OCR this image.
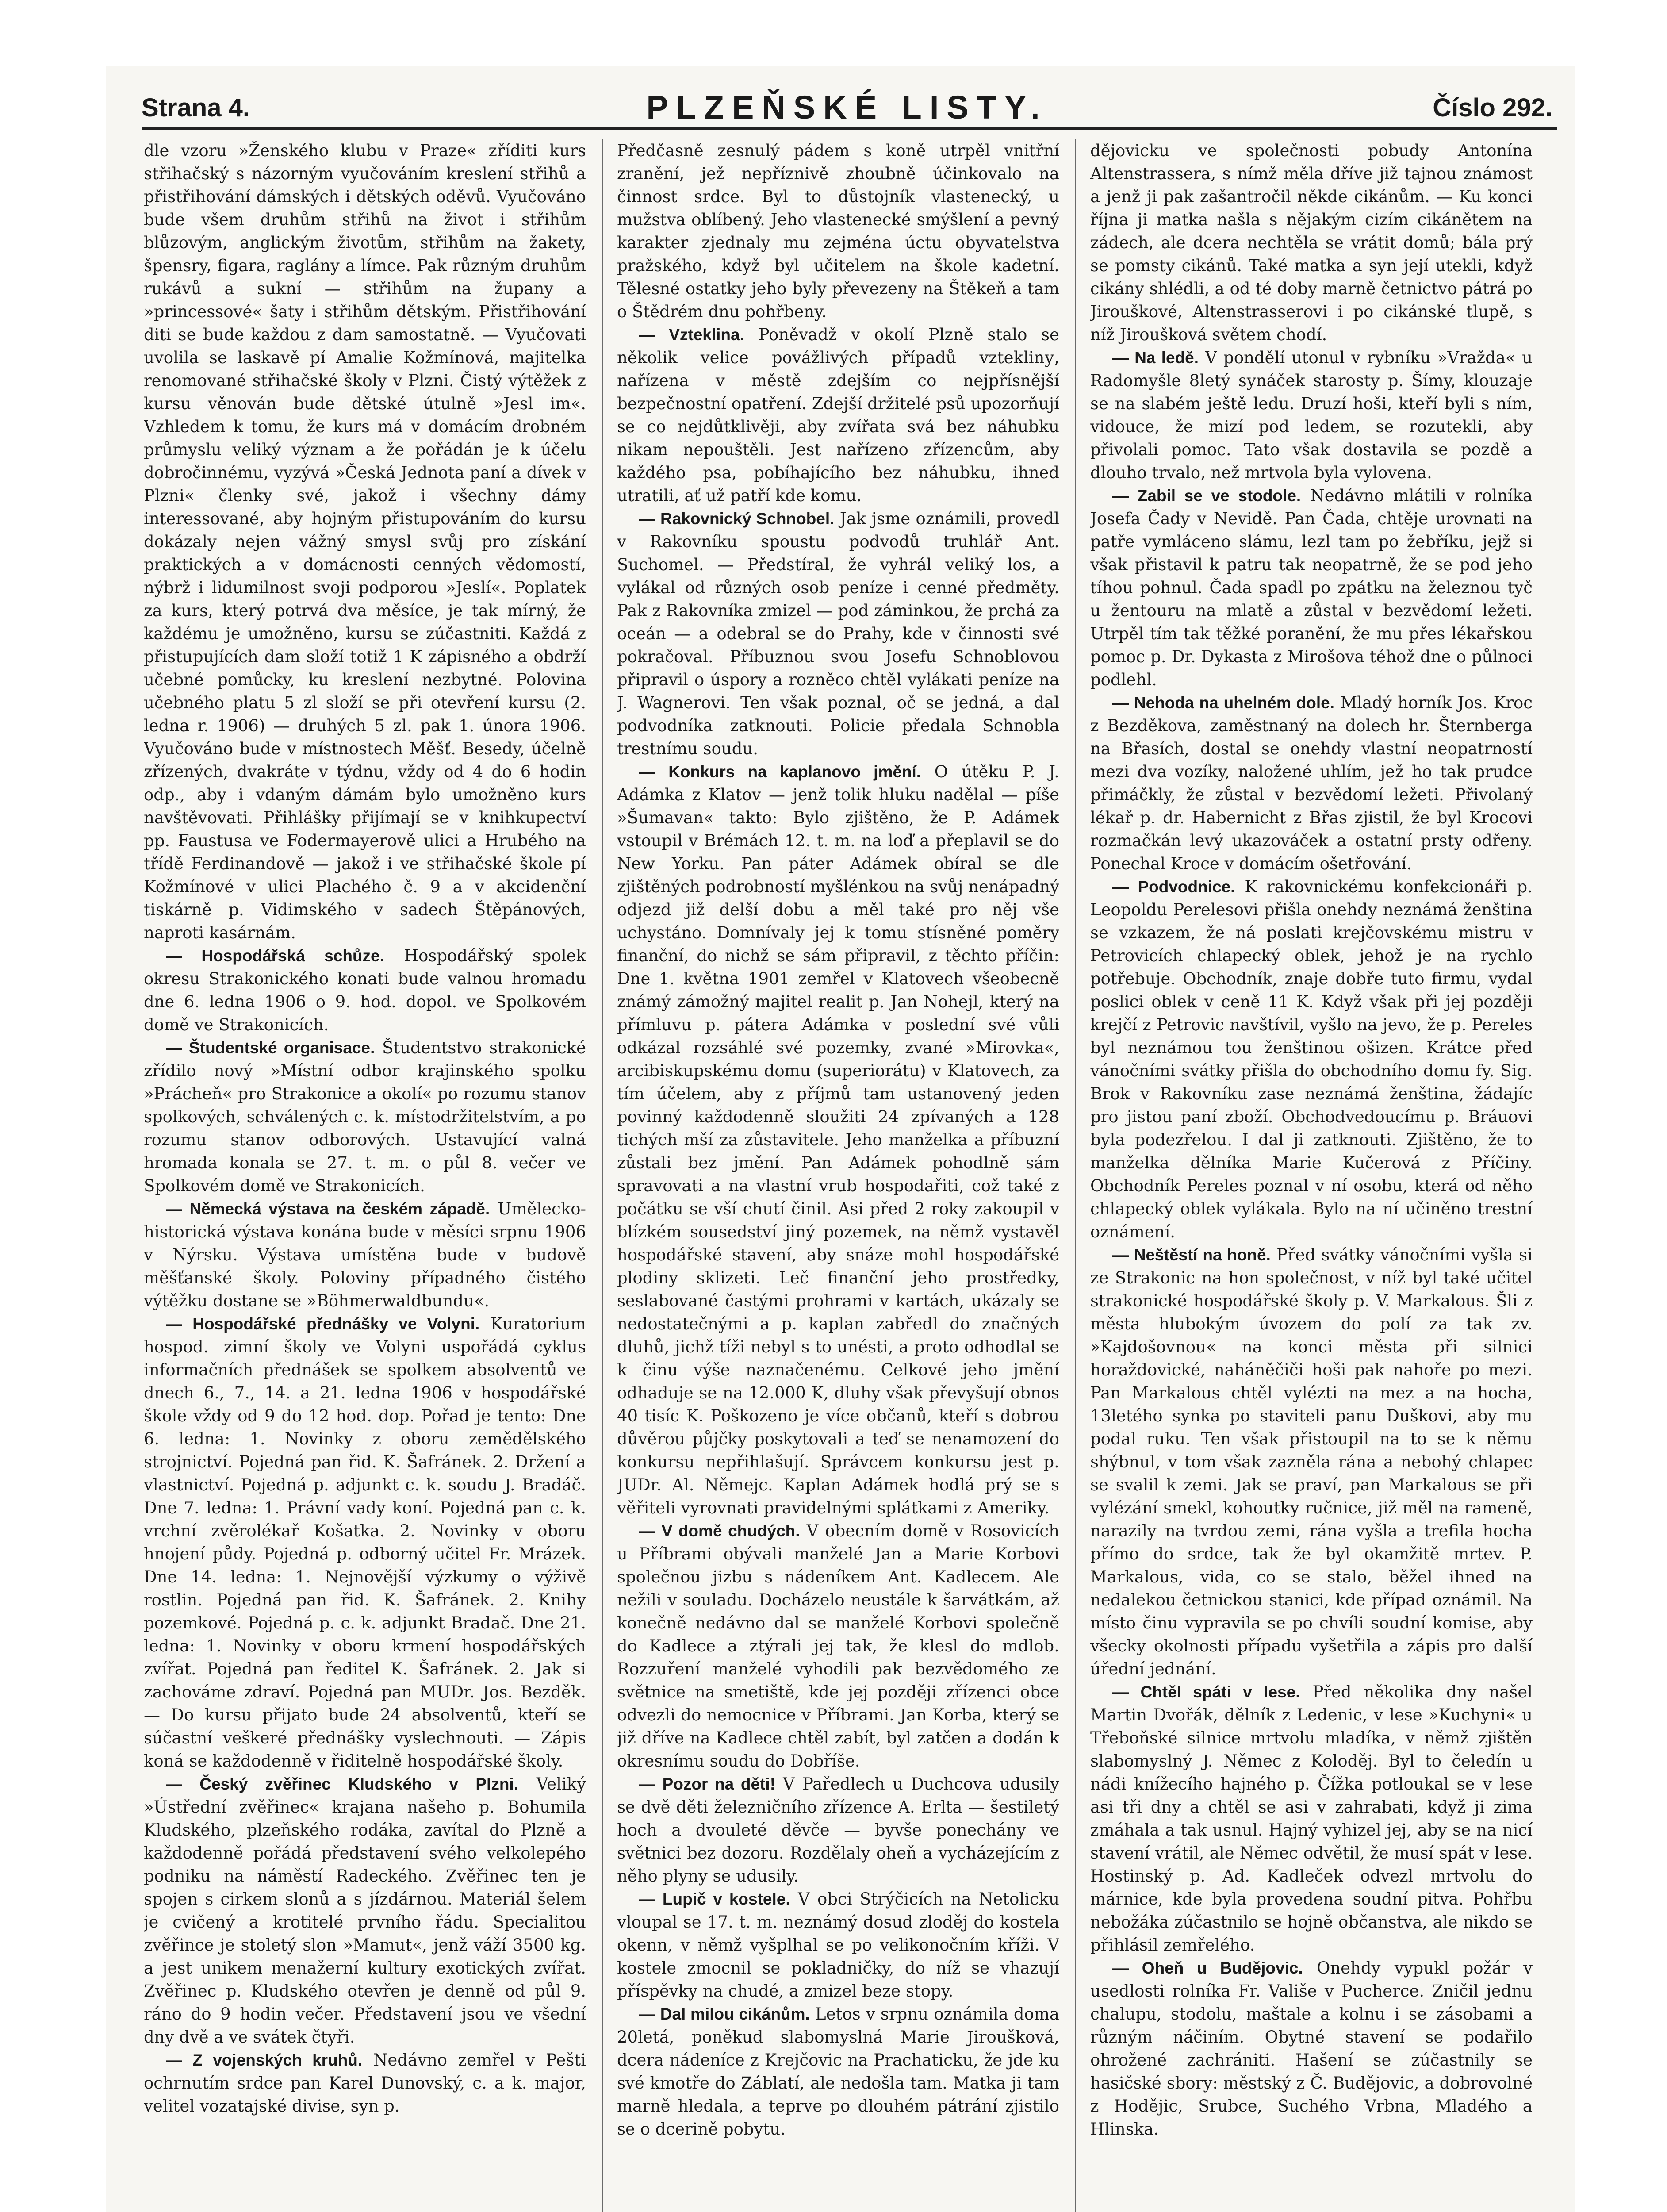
Strana 4.	PLZEŇSKÉ LISTY.	Číslo 292.

dle vzoru »Ženského klubu v Praze« zříditi kurs střihačský s názorným vyučováním kreslení střihů a přistřihování dámských i dětských oděvů. Vyučováno bude všem druhům střihů na život i střihům blůzovým, anglickým životům, střihům na žakety, špensry, figara, raglány a límce. Pak různým druhům rukávů a sukní — střihům na župany a »princessové« šaty i střihům dětským. Přistřihování diti se bude každou z dam samostatně. — Vyučovati uvolila se laskavě pí Amalie Kožmínová, majitelka renomované střihačské školy v Plzni. Čistý výtěžek z kursu věnován bude dětské útulně »Jesl im«. Vzhledem k tomu, že kurs má v domácím drobném průmyslu veliký význam a že pořádán je k účelu dobročinnému, vyzývá »Česká Jednota paní a dívek v Plzni« členky své, jakož i všechny dámy interessované, aby hojným přistupováním do kursu dokázaly nejen vážný smysl svůj pro získání praktických a v domácnosti cenných vědomostí, nýbrž i lidumilnost svoji podporou »Jeslí«. Poplatek za kurs, který potrvá dva měsíce, je tak mírný, že každému je umožněno, kursu se zúčastniti. Každá z přistupujících dam složí totiž 1 K zápisného a obdrží učebné pomůcky, ku kreslení nezbytné. Polovina učebného platu 5 zl složí se při otevření kursu (2. ledna r. 1906) — druhých 5 zl. pak 1. února 1906. Vyučováno bude v místnostech Měšť. Besedy, účelně zřízených, dvakráte v týdnu, vždy od 4 do 6 hodin odp., aby i vdaným dámám bylo umožněno kurs navštěvovati. Přihlášky přijímají se v knihkupectví pp. Faustusa ve Fodermayerově ulici a Hrubého na třídě Ferdinandově — jakož i ve střihačské škole pí Kožmínové v ulici Plachého č. 9 a v akcidenční tiskárně p. Vidimského v sadech Štěpánových, naproti kasárnám.

— Hospodářská schůze. Hospodářský spolek okresu Strakonického konati bude valnou hromadu dne 6. ledna 1906 o 9. hod. dopol. ve Spolkovém domě ve Strakonicích.

— Študentské organisace. Študentstvo strakonické zřídilo nový »Místní odbor krajinského spolku »Prácheň« pro Strakonice a okolí« po rozumu stanov spolkových, schválených c. k. místodržitelstvím, a po rozumu stanov odborových. Ustavující valná hromada konala se 27. t. m. o půl 8. večer ve Spolkovém domě ve Strakonicích.

— Německá výstava na českém západě. Umělecko-historická výstava konána bude v měsíci srpnu 1906 v Nýrsku. Výstava umístěna bude v budově měšťanské školy. Poloviny případného čistého výtěžku dostane se »Böhmerwaldbundu«.

— Hospodářské přednášky ve Volyni. Kuratorium hospod. zimní školy ve Volyni uspořádá cyklus informačních přednášek se spolkem absolventů ve dnech 6., 7., 14. a 21. ledna 1906 v hospodářské škole vždy od 9 do 12 hod. dop. Pořad je tento: Dne 6. ledna: 1. Novinky z oboru zemědělského strojnictví. Pojedná pan řid. K. Šafránek. 2. Držení a vlastnictví. Pojedná p. adjunkt c. k. soudu J. Bradáč. Dne 7. ledna: 1. Právní vady koní. Pojedná pan c. k. vrchní zvěrolékař Košatka. 2. Novinky v oboru hnojení půdy. Pojedná p. odborný učitel Fr. Mrázek. Dne 14. ledna: 1. Nejnovější výzkumy o výživě rostlin. Pojedná pan řid. K. Šafránek. 2. Knihy pozemkové. Pojedná p. c. k. adjunkt Bradač. Dne 21. ledna: 1. Novinky v oboru krmení hospodářských zvířat. Pojedná pan ředitel K. Šafránek. 2. Jak si zachováme zdraví. Pojedná pan MUDr. Jos. Bezděk. — Do kursu přijato bude 24 absolventů, kteří se súčastní veškeré přednášky vyslechnouti. — Zápis koná se každodenně v řiditelně hospodářské školy.

— Český zvěřinec Kludského v Plzni. Veliký »Ústřední zvěřinec« krajana našeho p. Bohumila Kludského, plzeňského rodáka, zavítal do Plzně a každodenně pořádá představení svého velkolepého podniku na náměstí Radeckého. Zvěřinec ten je spojen s cirkem slonů a s jízdárnou. Materiál šelem je cvičený a krotitelé prvního řádu. Specialitou zvěřince je stoletý slon »Mamut«, jenž váží 3500 kg. a jest unikem menažerní kultury exotických zvířat. Zvěřinec p. Kludského otevřen je denně od půl 9. ráno do 9 hodin večer. Představení jsou ve všední dny dvě a ve svátek čtyři.

— Z vojenských kruhů. Nedávno zemřel v Pešti ochrnutím srdce pan Karel Dunovský, c. a k. major, velitel vozatajské divise, syn p.

Předčasně zesnulý pádem s koně utrpěl vnitřní zranění, jež nepříznivě zhoubně účinkovalo na činnost srdce. Byl to důstojník vlastenecký, u mužstva oblíbený. Jeho vlastenecké smýšlení a pevný karakter zjednaly mu zejména úctu obyvatelstva pražského, když byl učitelem na škole kadetní. Tělesné ostatky jeho byly převezeny na Štěkeň a tam o Štědrém dnu pohřbeny.

— Vzteklina. Poněvadž v okolí Plzně stalo se několik velice povážlivých případů vzteklinу, nařízena v městě zdejším co nejpřísnější bezpečnostní opatření. Zdejší držitelé psů upozorňují se co nejdůtklivěji, aby zvířata svá bez náhubku nikam nepouštěli. Jest nařízeno zřízencům, aby každého psa, pobíhajícího bez náhubku, ihned utratili, ať už patří kde komu.

— Rakovnický Schnobel. Jak jsme oznámili, provedl v Rakovníku spoustu podvodů truhlář Ant. Suchomel. — Předstíral, že vyhrál veliký los, a vylákal od různých osob peníze i cenné předměty. Pak z Rakovníka zmizel — pod záminkou, že prchá za oceán — a odebral se do Prahy, kde v činnosti své pokračoval. Příbuznou svou Josefu Schnoblovou připravil o úspory a rozněco chtěl vylákati peníze na J. Wagnerovi. Ten však poznal, oč se jedná, a dal podvodníka zatknouti. Policie předala Schnobla trestnímu soudu.

— Konkurs na kaplanovo jmění. O útěku P. J. Adámka z Klatov — jenž tolik hluku nadělal — píše »Šumavan« takto: Bylo zjištěno, že P. Adámek vstoupil v Brémách 12. t. m. na loď a přeplavil se do New Yorku. Pan páter Adámek obíral se dle zjištěných podrobností myšlénkou na svůj nenápadný odjezd již delší dobu a měl také pro něj vše uchystáno. Domnívaly jej k tomu stísněné poměry finanční, do nichž se sám připravil, z těchto příčin: Dne 1. května 1901 zemřel v Klatovech všeobecně známý zámožný majitel realit p. Jan Nohejl, který na přímluvu p. pátera Adámka v poslední své vůli odkázal rozsáhlé své pozemky, zvané »Mirovka«, arcibiskupskému domu (superiorátu) v Klatovech, za tím účelem, aby z příjmů tam ustanovený jeden povinný každodenně sloužiti 24 zpívaných a 128 tichých mší za zůstavitele. Jeho manželka a příbuzní zůstali bez jmění. Pan Adámek pohodlně sám spravovati a na vlastní vrub hospodařiti, což také z počátku se vší chutí činil. Asi před 2 roky zakoupil v blízkém sousedství jiný pozemek, na němž vystavěl hospodářské stavení, aby snáze mohl hospodářské plodiny sklizeti. Leč finanční jeho prostředky, seslabované častými prohrami v kartách, ukázaly se nedostatečnými a p. kaplan zabředl do značných dluhů, jichž tíži nebyl s to unésti, a proto odhodlal se k činu výše naznačenému. Celkové jeho jmění odhaduje se na 12.000 K, dluhy však převyšují obnos 40 tisíc K. Poškozeno je více občanů, kteří s dobrou důvěrou půjčky poskytovali a teď se nenamození do konkursu nepřihlašují. Správcem konkursu jest p. JUDr. Al. Němejc. Kaplan Adámek hodlá prý se s věřiteli vyrovnati pravidelnými splátkami z Ameriky.

— V domě chudých. V obecním domě v Rosovicích u Příbrami obývali manželé Jan a Marie Korbovi společnou jizbu s nádeníkem Ant. Kadlecem. Ale nežili v souladu. Docházelo neustále k šarvátkám, až konečně nedávno dal se manželé Korbovi společně do Kadlece a ztýrali jej tak, že klesl do mdlob. Rozzuření manželé vyhodili pak bezvědomého ze světnice na smetiště, kde jej později zřízenci obce odvezli do nemocnice v Příbrami. Jan Korba, který se již dříve na Kadlece chtěl zabít, byl zatčen a dodán k okresnímu soudu do Dobříše.

— Pozor na děti! V Paředlech u Duchcova udusily se dvě děti železničního zřízence A. Erlta — šestiletý hoch a dvouleté děvče — byvše ponechány ve světnici bez dozoru. Rozdělaly oheň a vycházejícím z něho plyny se udusily.

— Lupič v kostele. V obci Strýčicích na Netolicku vloupal se 17. t. m. neznámý dosud zloděj do kostela okenn, v němž vyšplhal se po velikonočním kříži. V kostele zmocnil se pokladničky, do níž se vhazují příspěvky na chudé, a zmizel beze stopy.

— Dal milou cikánům. Letos v srpnu oznámila doma 20letá, poněkud slabomyslná Marie Jiroušková, dcera nádeníce z Krejčovic na Prachaticku, že jde ku své kmotře do Záblatí, ale nedošla tam. Matka ji tam marně hledala, a teprve po dlouhém pátrání zjistilo se o dcerině pobytu.

dějovicku ve společnosti pobudy Antonína Altenstrassera, s nímž měla dříve již tajnou známost a jenž ji pak zašantročil někde cikánům. — Ku konci října ji matka našla s nějakým cizím cikánětem na zádech, ale dcera nechtěla se vrátit domů; bála prý se pomsty cikánů. Také matka a syn její utekli, když cikány shlédli, a od té doby marně četnictvo pátrá po Jirouškové, Altenstrasserovi i po cikánské tlupě, s níž Jiroušková světem chodí.

— Na ledě. V pondělí utonul v rybníku »Vražda« u Radomyšle 8letý synáček starosty p. Šímy, klouzaje se na slabém ještě ledu. Druzí hoši, kteří byli s ním, vidouce, že mizí pod ledem, se rozutekli, aby přivolali pomoc. Tato však dostavila se pozdě a dlouho trvalo, než mrtvola byla vylovena.

— Zabil se ve stodole. Nedávno mlátili v rolníka Josefa Čady v Nevidě. Pan Čada, chtěje urovnati na patře vymláceno slámu, lezl tam po žebříku, jejž si však přistavil k patru tak neopatrně, že se pod jeho tíhou pohnul. Čada spadl po zpátku na železnou tyč u žentouru na mlatě a zůstal v bezvědomí ležeti. Utrpěl tím tak těžké poranění, že mu přes lékařskou pomoc p. Dr. Dykasta z Mirošova téhož dne o půlnoci podlehl.

— Nehoda na uhelném dole. Mladý horník Jos. Kroc z Bezděkova, zaměstnaný na dolech hr. Šternberga na Břasích, dostal se onehdy vlastní neopatrností mezi dva vozíky, naložené uhlím, jež ho tak prudce přimáčkly, že zůstal v bezvědomí ležeti. Přivolaný lékař p. dr. Habernicht z Břas zjistil, že byl Krocovi rozmačkán levý ukazováček a ostatní prsty odřeny. Ponechal Kroce v domácím ošetřování.

— Podvodnice. K rakovnickému konfekcionáři p. Leopoldu Perelesovi přišla onehdy neznámá ženština se vzkazem, že ná poslati krejčovskému mistru v Petrovicích chlapecký oblek, jehož je na rychlo potřebuje. Obchodník, znaje dobře tuto firmu, vydal poslici oblek v ceně 11 K. Když však při jej později krejčí z Petrovic navštívil, vyšlo na jevo, že p. Pereles byl neznámou tou ženštinou ošizen. Krátce před vánočními svátky přišla do obchodního domu fy. Sig. Brok v Rakovníku zase neznámá ženština, žádajíc pro jistou paní zboží. Obchodvedoucímu p. Bráuovi byla podezřelou. I dal ji zatknouti. Zjištěno, že to manželka dělníka Marie Kučerová z Příčiny. Obchodník Pereles poznal v ní osobu, která od něho chlapecký oblek vylákala. Bylo na ní učiněno trestní oznámení.

— Neštěstí na honě. Před svátky vánočními vyšla si ze Strakonic na hon společnost, v níž byl také učitel strakonické hospodářské školy p. V. Markalous. Šli z města hlubokým úvozem do polí za tak zv. »Kajdošovnou« na konci města při silnici horaždovické, naháněčiči hoši pak nahoře po mezi. Pan Markalous chtěl vylézti na mez a na hocha, 13letého synka po staviteli panu Duškovi, aby mu podal ruku. Ten však přistoupil na to se k němu shýbnul, v tom však zazněla rána a nebohý chlapec se svalil k zemi. Jak se praví, pan Markalous se při vylézání smekl, kohoutky ručnice, již měl na rameně, narazily na tvrdou zemi, rána vyšla a trefila hocha přímo do srdce, tak že byl okamžitě mrtev. P. Markalous, vida, co se stalo, běžel ihned na nedalekou četnickou stanici, kde případ oznámil. Na místo činu vypravila se po chvíli soudní komise, aby všecky okolnosti případu vyšetřila a zápis pro další úřední jednání.

— Chtěl spáti v lese. Před několika dny našel Martin Dvořák, dělník z Ledenic, v lese »Kuchyni« u Třeboňské silnice mrtvolu mladíka, v němž zjištěn slabomyslný J. Němec z Koloděj. Byl to čeledín u nádi knížecího hajného p. Čížka potloukal se v lese asi tři dny a chtěl se asi v zahrabati, když ji zima zmáhala a tak usnul. Hajný vyhizel jej, aby se na nicí stavení vrátil, ale Němec odvětil, že musí spát v lese. Hostinský p. Ad. Kadleček odvezl mrtvolu do márnice, kde byla provedena soudní pitva. Pohřbu nebožáka zúčastnilo se hojně občanstva, ale nikdo se přihlásil zemřelého.

— Oheň u Budějovic. Onehdy vypukl požár v usedlosti rolníka Fr. Vališe v Pucherce. Zničil jednu chalupu, stodolu, maštale a kolnu i se zásobami a různým náčiním. Obytné stavení se podařilo ohrožené zachrániti. Hašení se zúčastnily se hasičské sbory: městský z Č. Budějovic, a dobrovolné z Hodějic, Srubce, Suchého Vrbna, Mladého a Hlinska.
